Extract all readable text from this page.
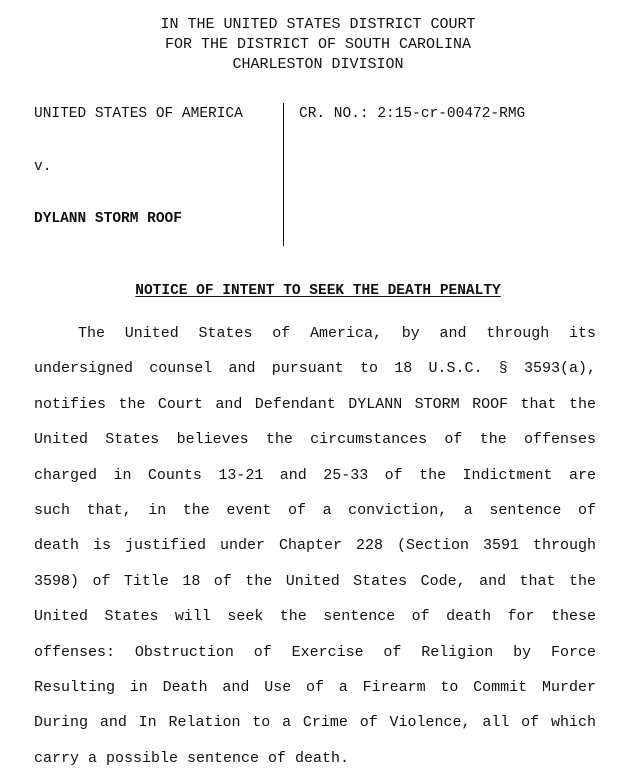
IN THE UNITED STATES DISTRICT COURT
FOR THE DISTRICT OF SOUTH CAROLINA
CHARLESTON DIVISION
UNITED STATES OF AMERICA
v.
DYLANN STORM ROOF
CR. NO.: 2:15-cr-00472-RMG
NOTICE OF INTENT TO SEEK THE DEATH PENALTY
The United States of America, by and through its
undersigned counsel and pursuant to 18 U.S.C. § 3593(a),
notifies the Court and Defendant DYLANN STORM ROOF that the
United States believes the circumstances of the offenses
charged in Counts 13-21 and 25-33 of the Indictment are
such that, in the event of a conviction, a sentence of
death is justified under Chapter 228 (Section 3591 through
3598) of Title 18 of the United States Code, and that the
United States will seek the sentence of death for these
offenses: Obstruction of Exercise of Religion by Force
Resulting in Death and Use of a Firearm to Commit Murder
During and In Relation to a Crime of Violence, all of which
carry a possible sentence of death.
